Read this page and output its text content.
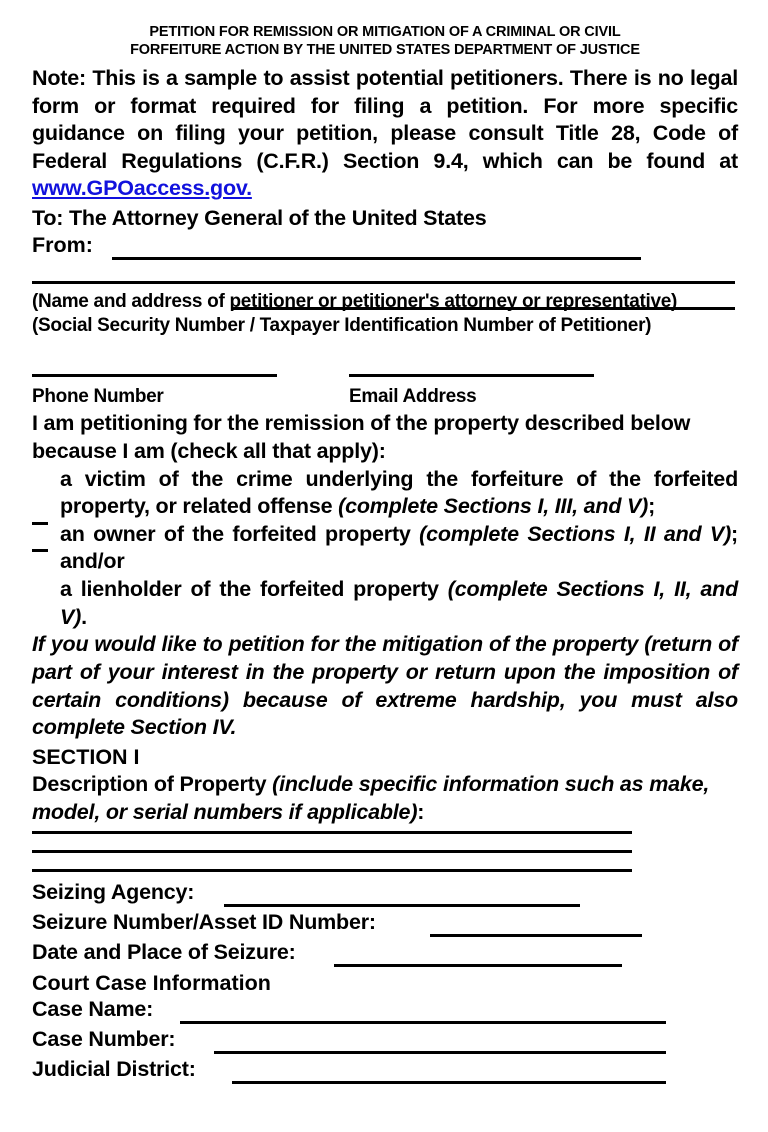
PETITION FOR REMISSION OR MITIGATION OF A CRIMINAL OR CIVIL
FORFEITURE ACTION BY THE UNITED STATES DEPARTMENT OF JUSTICE

Note: This is a sample to assist potential petitioners. There is no legal form or format required for filing a petition. For more specific guidance on filing your petition, please consult Title 28, Code of Federal Regulations (C.F.R.) Section 9.4, which can be found at www.GPOaccess.gov.

To: The Attorney General of the United States

From:

(Name and address of petitioner or petitioner's attorney or representative)

(Social Security Number / Taxpayer Identification Number of Petitioner)

Phone Number	Email Address

I am petitioning for the remission of the property described below because I am (check all that apply):

a victim of the crime underlying the forfeiture of the forfeited property, or related offense (complete Sections I, III, and V);

an owner of the forfeited property (complete Sections I, II and V); and/or

a lienholder of the forfeited property (complete Sections I, II, and V).

If you would like to petition for the mitigation of the property (return of part of your interest in the property or return upon the imposition of certain conditions) because of extreme hardship, you must also complete Section IV.

SECTION I

Description of Property (include specific information such as make, model, or serial numbers if applicable):

Seizing Agency:
Seizure Number/Asset ID Number:
Date and Place of Seizure:

Court Case Information

Case Name:
Case Number:
Judicial District:
